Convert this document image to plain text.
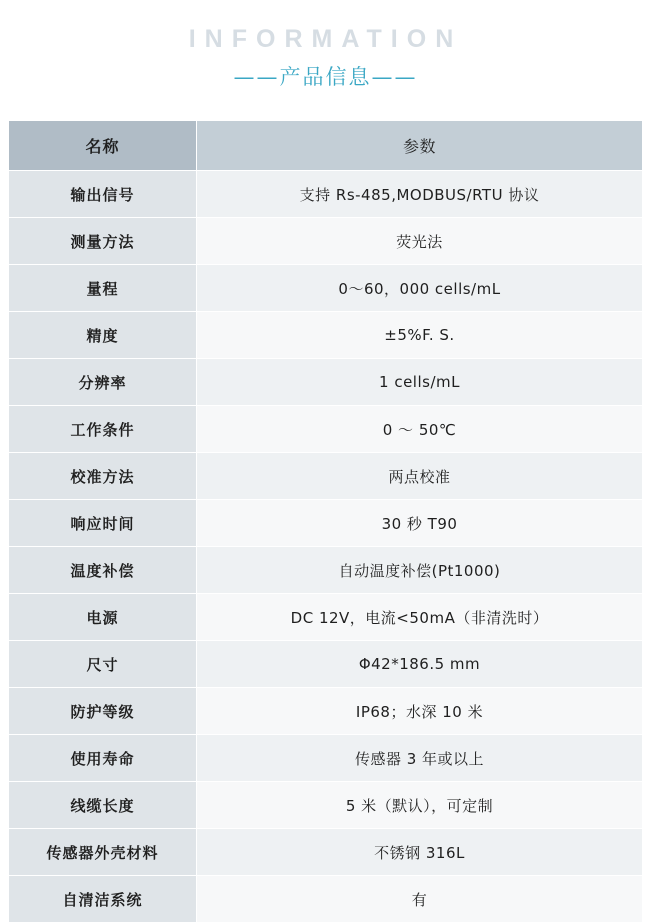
INFORMATION
——产品信息——
名称	参数
输出信号	支持 Rs-485,MODBUS/RTU 协议
测量方法	荧光法
量程	0～60，000 cells/mL
精度	±5%F. S.
分辨率	1 cells/mL
工作条件	0 ～ 50℃
校准方法	两点校准
响应时间	30 秒 T90
温度补偿	自动温度补偿(Pt1000)
电源	DC 12V，电流<50mA（非清洗时）
尺寸	Φ42*186.5 mm
防护等级	IP68；水深 10 米
使用寿命	传感器 3 年或以上
线缆长度	5 米（默认），可定制
传感器外壳材料	不锈钢 316L
自清洁系统	有
